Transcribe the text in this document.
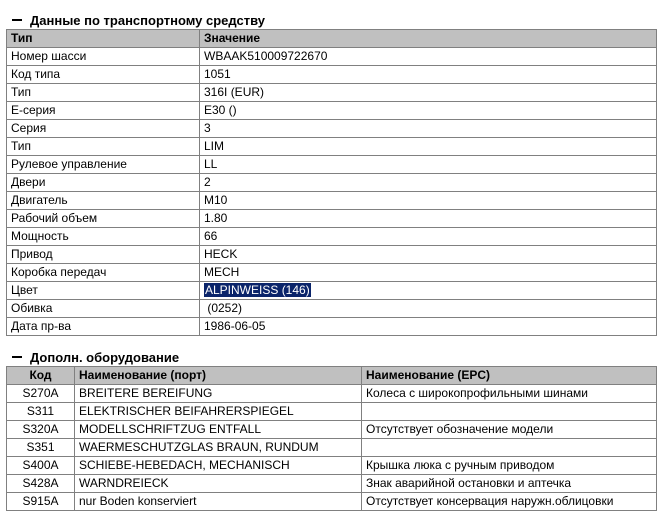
Данные по транспортному средству
Тип	Значение
Номер шасси	WBAAK510009722670
Код типа	1051
Тип	316I (EUR)
E-серия	E30 ()
Серия	3
Тип	LIM
Рулевое управление	LL
Двери	2
Двигатель	M10
Рабочий объем	1.80
Мощность	66
Привод	HECK
Коробка передач	MECH
Цвет	ALPINWEISS (146)
Обивка	(0252)
Дата пр-ва	1986-06-05
Дополн. оборудование
Код	Наименование (порт)	Наименование (EPC)
S270A	BREITERE BEREIFUNG	Колеса с широкопрофильными шинами
S311	ELEKTRISCHER BEIFAHRERSPIEGEL	
S320A	MODELLSCHRIFTZUG ENTFALL	Отсутствует обозначение модели
S351	WAERMESCHUTZGLAS BRAUN, RUNDUM	
S400A	SCHIEBE-HEBEDACH, MECHANISCH	Крышка люка с ручным приводом
S428A	WARNDREIECK	Знак аварийной остановки и аптечка
S915A	nur Boden konserviert	Отсутствует консервация наружн.облицовки
